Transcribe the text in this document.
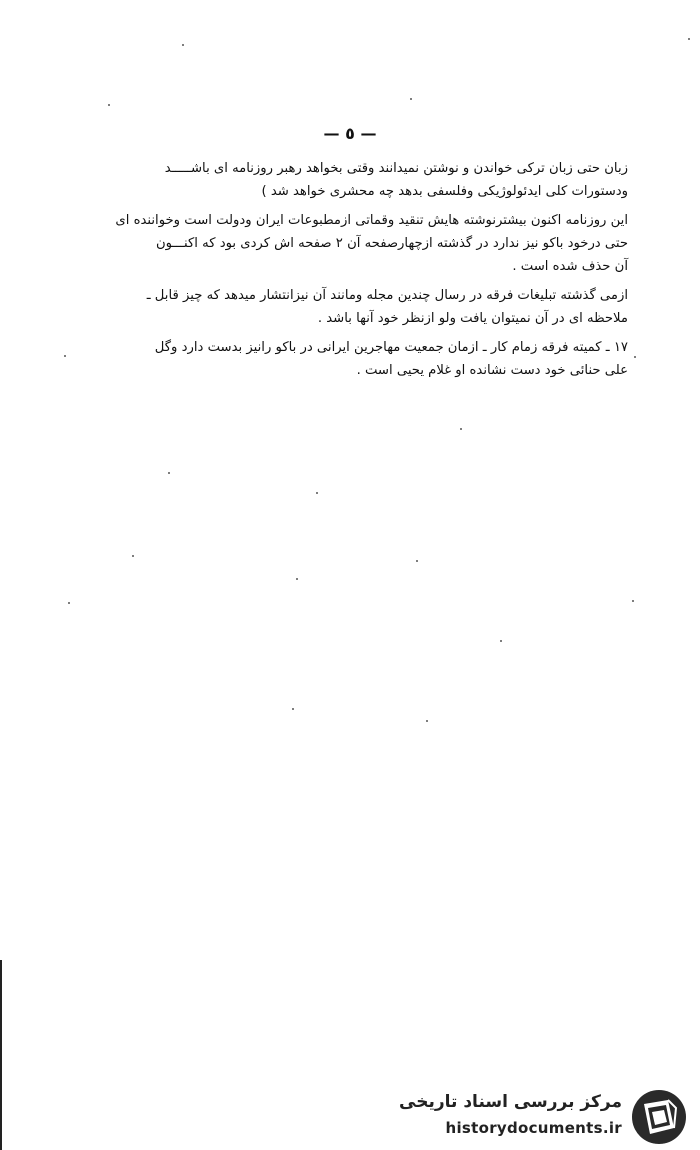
— ٥ —

زبان حتی زبان ترکی خواندن و نوشتن نمیدانند وقتی بخواهد رهبر روزنامه ای باشـــــد
ودستورات کلی ایدئولوژیکی وفلسفی بدهد چه محشری خواهد شد )

این روزنامه اکنون بیشترنوشته هایش تنقید وقماتی ازمطبوعات ایران ودولت است وخواننده ای
حتی درخود باکو نیز ندارد در گذشته ازچهارصفحه آن ۲ صفحه اش کردی بود که اکنـــون
آن حذف شده است .

ازمی گذشته تبلیغات فرقه در رسال چندین مجله ومانند آن نیزانتشار میدهد که چیز قابل ـ
ملاحظه ای در آن نمیتوان یافت ولو ازنظر خود آنها باشد .

۱۷ ـ کمیته فرقه زمام کار ـ ازمان جمعیت مهاجرین ایرانی در باکو رانیز بدست دارد وگل
علی حنائی خود دست نشانده او غلام یحیی است .

مرکز بررسی اسناد تاریخی
historydocuments.ir
